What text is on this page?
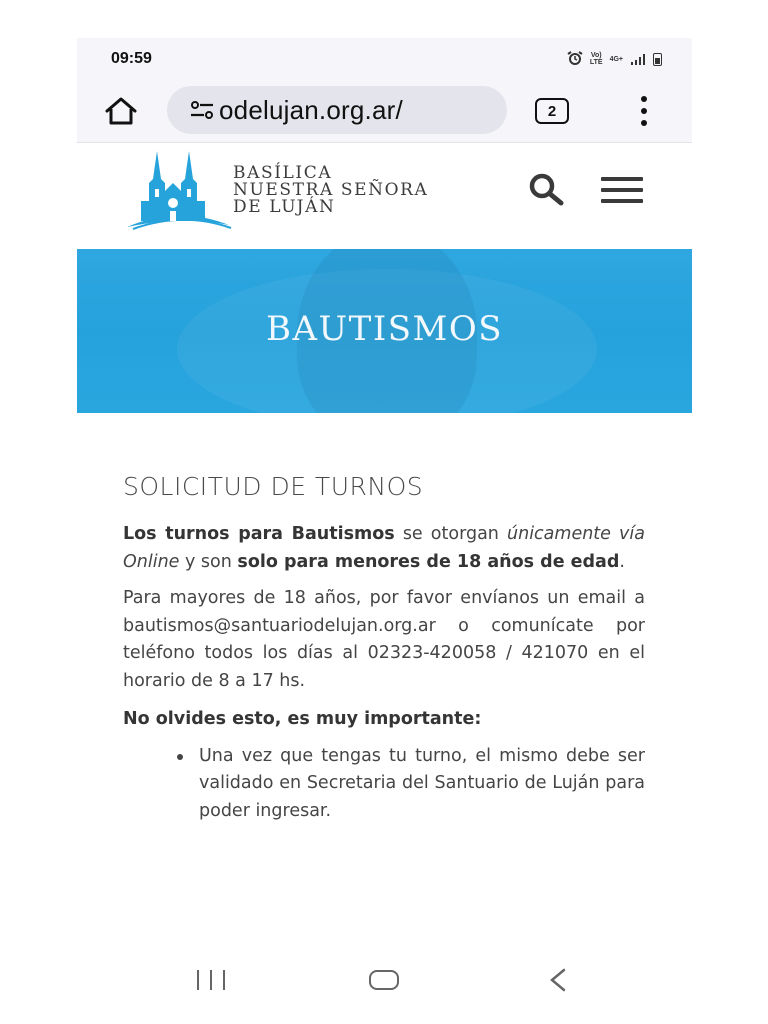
09:59	Vo)
LTE 4G+
odelujan.org.ar/	2
BASÍLICA
NUESTRA SEÑORA
DE LUJÁN
BAUTISMOS
SOLICITUD DE TURNOS

Los turnos para Bautismos se otorgan únicamente vía Online y son solo para menores de 18 años de edad.

Para mayores de 18 años, por favor envíanos un email a bautismos@santuariodelujan.org.ar o comunícate por teléfono todos los días al 02323-420058 / 421070 en el horario de 8 a 17 hs.

No olvides esto, es muy importante:

Una vez que tengas tu turno, el mismo debe ser validado en Secretaria del Santuario de Luján para poder ingresar.
